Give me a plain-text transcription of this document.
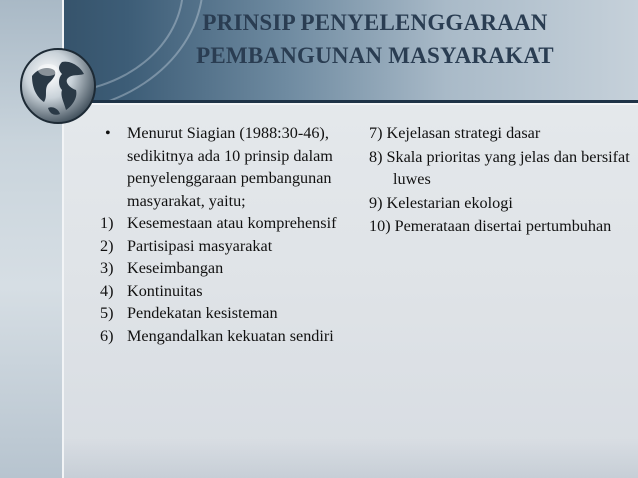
PRINSIP PENYELENGGARAAN
PEMBANGUNAN MASYARAKAT
• Menurut Siagian (1988:30-46), sedikitnya ada 10 prinsip dalam penyelenggaraan pembangunan masyarakat, yaitu;
1) Kesemestaan atau komprehensif
2) Partisipasi masyarakat
3) Keseimbangan
4) Kontinuitas
5) Pendekatan kesisteman
6) Mengandalkan kekuatan sendiri
7) Kejelasan strategi dasar
8) Skala prioritas yang jelas dan bersifat luwes
9) Kelestarian ekologi
10) Pemerataan disertai pertumbuhan
